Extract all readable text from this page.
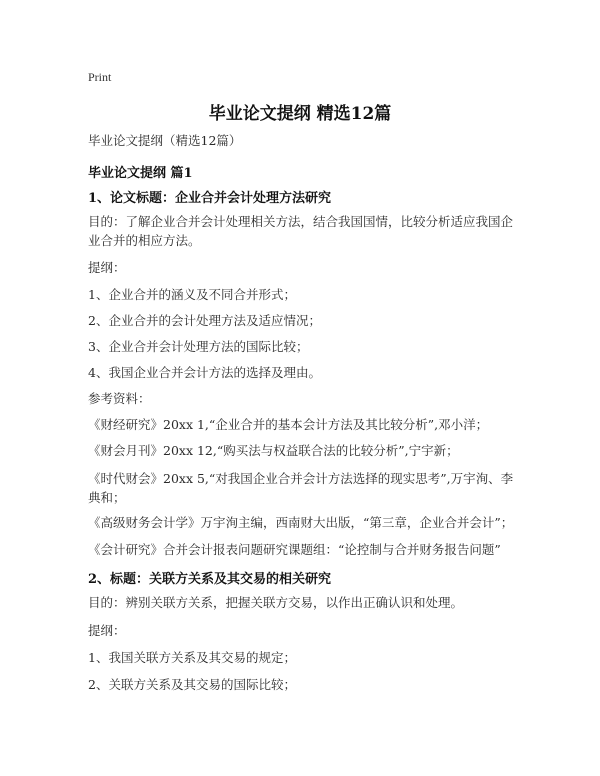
Print
毕业论文提纲 精选12篇
毕业论文提纲（精选12篇）
毕业论文提纲 篇1
1、论文标题：企业合并会计处理方法研究
目的：了解企业合并会计处理相关方法，结合我国国情，比较分析适应我国企业合并的相应方法。
提纲：
1、企业合并的涵义及不同合并形式；
2、企业合并的会计处理方法及适应情况；
3、企业合并会计处理方法的国际比较；
4、我国企业合并会计方法的选择及理由。
参考资料：
《财经研究》20xx 1,“企业合并的基本会计方法及其比较分析”,邓小洋；
《财会月刊》20xx 12,“购买法与权益联合法的比较分析”,宁宇新；
《时代财会》20xx 5,“对我国企业合并会计方法选择的现实思考”,万宇洵、李典和；
《高级财务会计学》万宇洵主编，西南财大出版，“第三章，企业合并会计”；
《会计研究》合并会计报表问题研究课题组：“论控制与合并财务报告问题”
2、标题：关联方关系及其交易的相关研究
目的：辨别关联方关系，把握关联方交易，以作出正确认识和处理。
提纲：
1、我国关联方关系及其交易的规定；
2、关联方关系及其交易的国际比较；
